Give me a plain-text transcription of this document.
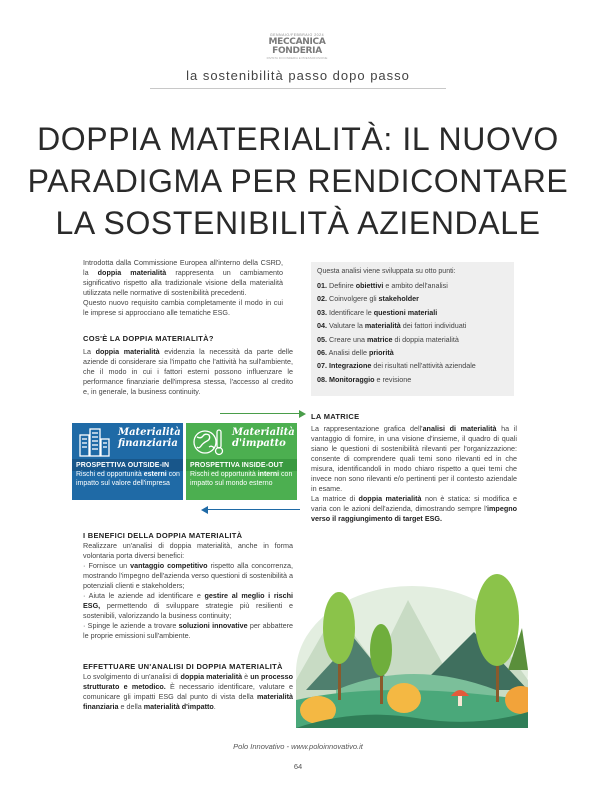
GENNAIO/FEBBRAIO 2024
MECCANICA
FONDERIA
RIVISTA DI FONDERIA E PRESSOFUSIONE
la sostenibilità passo dopo passo
DOPPIA MATERIALITÀ: IL NUOVO
PARADIGMA PER RENDICONTARE
LA SOSTENIBILITÀ AZIENDALE
Introdotta dalla Commissione Europea all'interno della CSRD, la doppia materialità rappresenta un cambiamento significativo rispetto alla tradizionale visione della materialità utilizzata nelle normative di sostenibilità precedenti.
Questo nuovo requisito cambia completamente il modo in cui le imprese si approcciano alle tematiche ESG.
COS'È LA DOPPIA MATERIALITÀ?
La doppia materialità evidenzia la necessità da parte delle aziende di considerare sia l'impatto che l'attività ha sull'ambiente, che il modo in cui i fattori esterni possono influenzare le performance finanziarie dell'impresa stessa, l'accesso al credito e, in generale, la business continuity.
Questa analisi viene sviluppata su otto punti:
01. Definire obiettivi e ambito dell'analisi
02. Coinvolgere gli stakeholder
03. Identificare le questioni materiali
04. Valutare la materialità dei fattori individuati
05. Creare una matrice di doppia materialità
06. Analisi delle priorità
07. Integrazione dei risultati nell'attività aziendale
08. Monitoraggio e revisione
Materialità
finanziaria
PROSPETTIVA OUTSIDE-IN
Rischi ed opportunità esterni con impatto sul valore dell'impresa
Materialità
d'impatto
PROSPETTIVA INSIDE-OUT
Rischi ed opportunità interni con impatto sul mondo esterno
I BENEFICI DELLA DOPPIA MATERIALITÀ
Realizzare un'analisi di doppia materialità, anche in forma volontaria porta diversi benefici:
· Fornisce un vantaggio competitivo rispetto alla concorrenza, mostrando l'impegno dell'azienda verso questioni di sostenibilità a potenziali clienti e stakeholders;
· Aiuta le aziende ad identificare e gestire al meglio i rischi ESG, permettendo di sviluppare strategie più resilienti e sostenibili, valorizzando la business continuity;
· Spinge le aziende a trovare soluzioni innovative per abbattere le proprie emissioni sull'ambiente.
EFFETTUARE UN'ANALISI DI DOPPIA MATERIALITÀ
Lo svolgimento di un'analisi di doppia materialità è un processo strutturato e metodico. È necessario identificare, valutare e comunicare gli impatti ESG dal punto di vista della materialità finanziaria e della materialità d'impatto.
LA MATRICE
La rappresentazione grafica dell'analisi di materialità ha il vantaggio di fornire, in una visione d'insieme, il quadro di quali siano le questioni di sostenibilità rilevanti per l'organizzazione: consente di comprendere quali temi sono rilevanti ed in che misura, identificandoli in modo chiaro rispetto a quei temi che invece non sono rilevanti e/o pertinenti per il contesto aziendale in esame.
La matrice di doppia materialità non è statica: si modifica e varia con le azioni dell'azienda, dimostrando sempre l'impegno verso il raggiungimento di target ESG.
Polo Innovativo - www.poloinnovativo.it
64
